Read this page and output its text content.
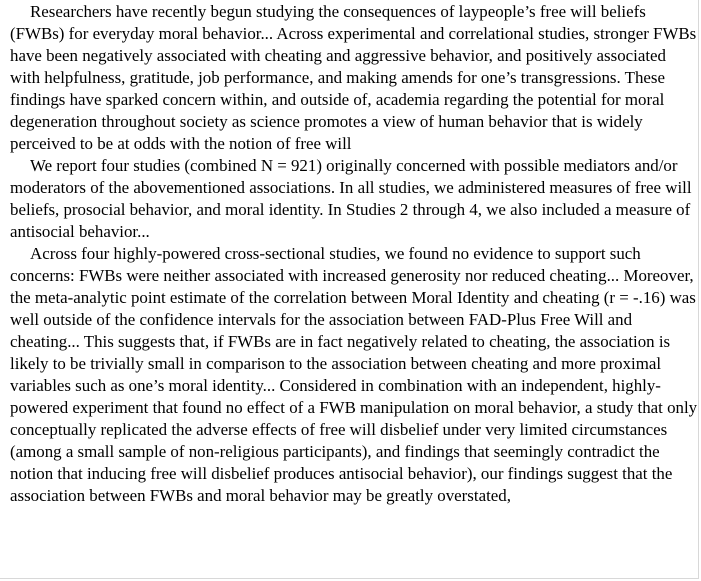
Researchers have recently begun studying the consequences of laypeople’s free will beliefs (FWBs) for everyday moral behavior... Across experimental and correlational studies, stronger FWBs have been negatively associated with cheating and aggressive behavior, and positively associated with helpfulness, gratitude, job performance, and making amends for one’s transgressions. These findings have sparked concern within, and outside of, academia regarding the potential for moral degeneration throughout society as science promotes a view of human behavior that is widely perceived to be at odds with the notion of free will

We report four studies (combined N = 921) originally concerned with possible mediators and/or moderators of the abovementioned associations. In all studies, we administered measures of free will beliefs, prosocial behavior, and moral identity. In Studies 2 through 4, we also included a measure of antisocial behavior...

Across four highly-powered cross-sectional studies, we found no evidence to support such concerns: FWBs were neither associated with increased generosity nor reduced cheating... Moreover, the meta-analytic point estimate of the correlation between Moral Identity and cheating (r = -.16) was well outside of the confidence intervals for the association between FAD-Plus Free Will and cheating... This suggests that, if FWBs are in fact negatively related to cheating, the association is likely to be trivially small in comparison to the association between cheating and more proximal variables such as one’s moral identity... Considered in combination with an independent, highly-powered experiment that found no effect of a FWB manipulation on moral behavior, a study that only conceptually replicated the adverse effects of free will disbelief under very limited circumstances (among a small sample of non-religious participants), and findings that seemingly contradict the notion that inducing free will disbelief produces antisocial behavior), our findings suggest that the association between FWBs and moral behavior may be greatly overstated,
